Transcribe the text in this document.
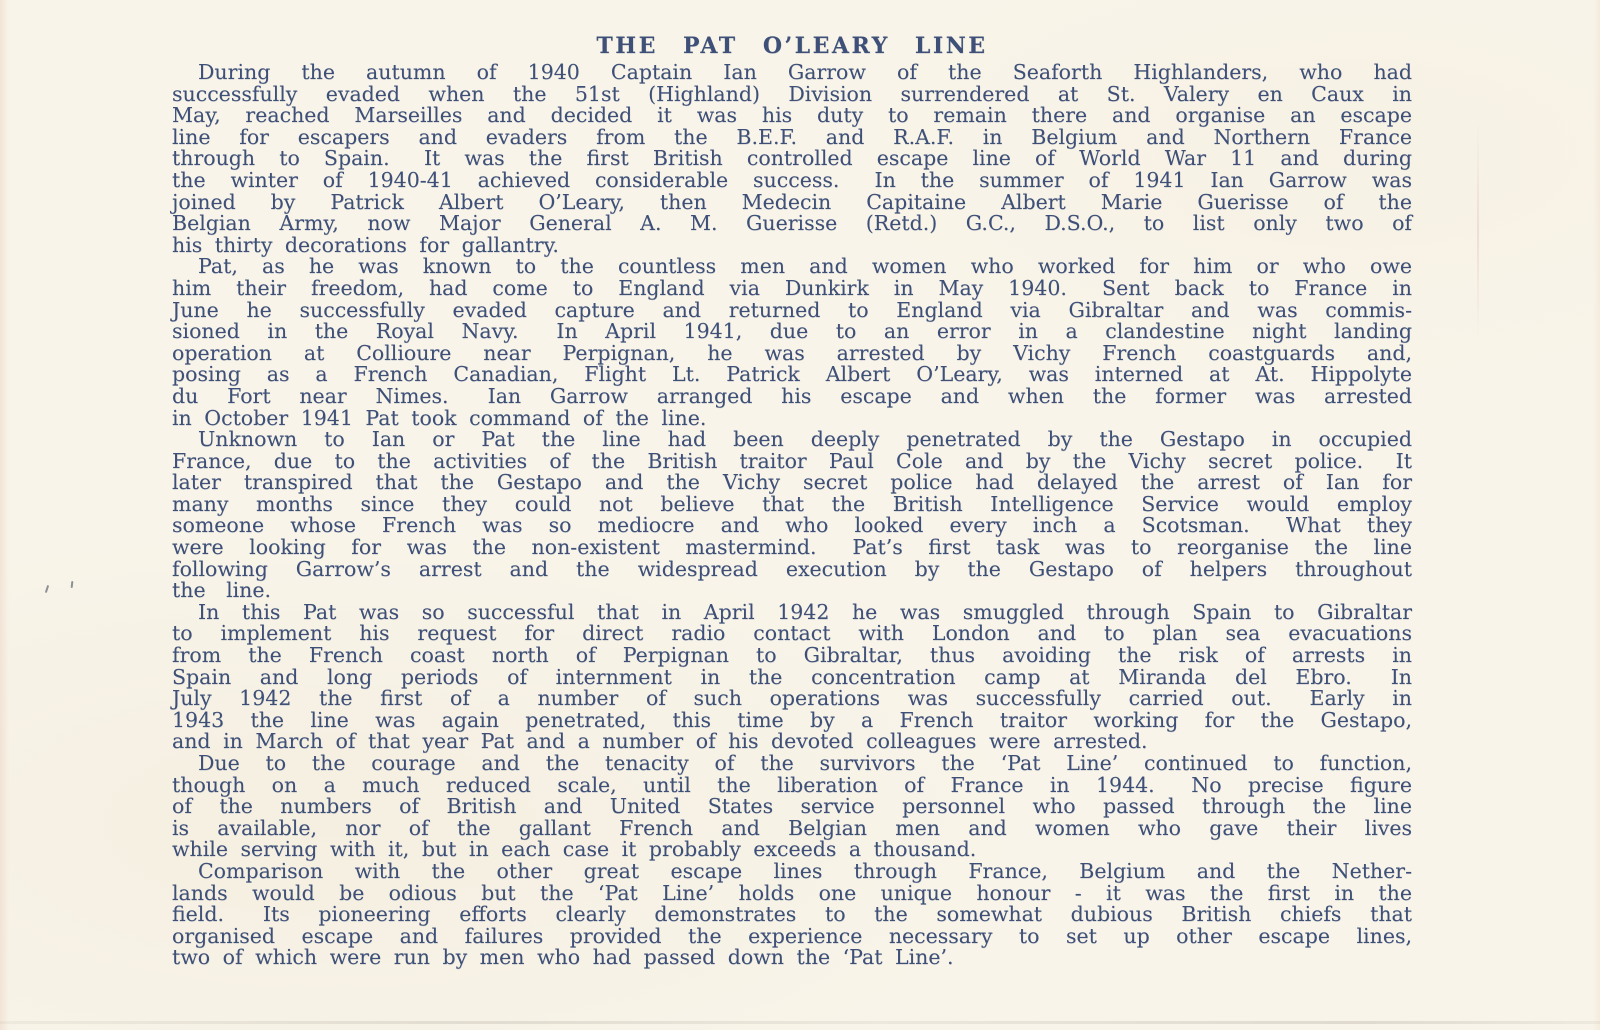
THE PAT O’LEARY LINE
During the autumn of 1940 Captain Ian Garrow of the Seaforth Highlanders, who had
successfully evaded when the 51st (Highland) Division surrendered at St. Valery en Caux in
May, reached Marseilles and decided it was his duty to remain there and organise an escape
line for escapers and evaders from the B.E.F. and R.A.F. in Belgium and Northern France
through to Spain.  It was the first British controlled escape line of World War 11 and during
the winter of 1940-41 achieved considerable success.  In the summer of 1941 Ian Garrow was
joined by Patrick Albert O’Leary, then Medecin Capitaine Albert Marie Guerisse of the
Belgian Army, now Major General A. M. Guerisse (Retd.) G.C., D.S.O., to list only two of
his thirty decorations for gallantry.
Pat, as he was known to the countless men and women who worked for him or who owe
him their freedom, had come to England via Dunkirk in May 1940.  Sent back to France in
June he successfully evaded capture and returned to England via Gibraltar and was commis-
sioned in the Royal Navy.  In April 1941, due to an error in a clandestine night landing
operation at Collioure near Perpignan, he was arrested by Vichy French coastguards and,
posing as a French Canadian, Flight Lt. Patrick Albert O’Leary, was interned at At. Hippolyte
du Fort near Nimes.  Ian Garrow arranged his escape and when the former was arrested
in October 1941 Pat took command of the line.
Unknown to Ian or Pat the line had been deeply penetrated by the Gestapo in occupied
France, due to the activities of the British traitor Paul Cole and by the Vichy secret police.  It
later transpired that the Gestapo and the Vichy secret police had delayed the arrest of Ian for
many months since they could not believe that the British Intelligence Service would employ
someone whose French was so mediocre and who looked every inch a Scotsman.  What they
were looking for was the non-existent mastermind.  Pat’s first task was to reorganise the line
following Garrow’s arrest and the widespread execution by the Gestapo of helpers throughout
the line.
In this Pat was so successful that in April 1942 he was smuggled through Spain to Gibraltar
to implement his request for direct radio contact with London and to plan sea evacuations
from the French coast north of Perpignan to Gibraltar, thus avoiding the risk of arrests in
Spain and long periods of internment in the concentration camp at Miranda del Ebro.  In
July 1942 the first of a number of such operations was successfully carried out.  Early in
1943 the line was again penetrated, this time by a French traitor working for the Gestapo,
and in March of that year Pat and a number of his devoted colleagues were arrested.
Due to the courage and the tenacity of the survivors the ‘Pat Line’ continued to function,
though on a much reduced scale, until the liberation of France in 1944.  No precise figure
of the numbers of British and United States service personnel who passed through the line
is available, nor of the gallant French and Belgian men and women who gave their lives
while serving with it, but in each case it probably exceeds a thousand.
Comparison with the other great escape lines through France, Belgium and the Nether-
lands would be odious but the ‘Pat Line’ holds one unique honour - it was the first in the
field.  Its pioneering efforts clearly demonstrates to the somewhat dubious British chiefs that
organised escape and failures provided the experience necessary to set up other escape lines,
two of which were run by men who had passed down the ‘Pat Line’.
